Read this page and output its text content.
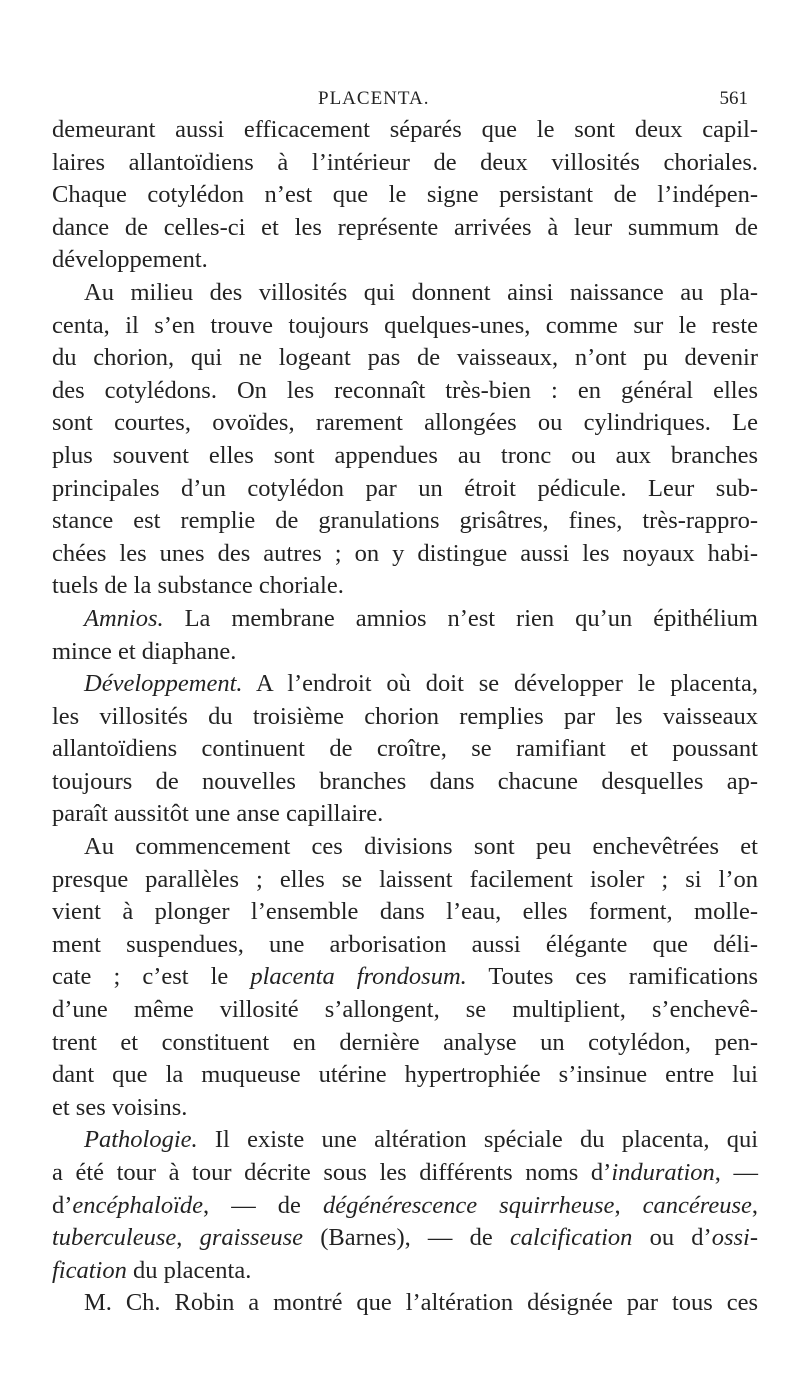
PLACENTA.	561
demeurant aussi efficacement séparés que le sont deux capil-
laires allantoïdiens à l’intérieur de deux villosités choriales.
Chaque cotylédon n’est que le signe persistant de l’indépen-
dance de celles-ci et les représente arrivées à leur summum de
développement.
Au milieu des villosités qui donnent ainsi naissance au pla-
centa, il s’en trouve toujours quelques-unes, comme sur le reste
du chorion, qui ne logeant pas de vaisseaux, n’ont pu devenir
des cotylédons. On les reconnaît très-bien : en général elles
sont courtes, ovoïdes, rarement allongées ou cylindriques. Le
plus souvent elles sont appendues au tronc ou aux branches
principales d’un cotylédon par un étroit pédicule. Leur sub-
stance est remplie de granulations grisâtres, fines, très-rappro-
chées les unes des autres ; on y distingue aussi les noyaux habi-
tuels de la substance choriale.
Amnios. La membrane amnios n’est rien qu’un épithélium
mince et diaphane.
Développement. A l’endroit où doit se développer le placenta,
les villosités du troisième chorion remplies par les vaisseaux
allantoïdiens continuent de croître, se ramifiant et poussant
toujours de nouvelles branches dans chacune desquelles ap-
paraît aussitôt une anse capillaire.
Au commencement ces divisions sont peu enchevêtrées et
presque parallèles ; elles se laissent facilement isoler ; si l’on
vient à plonger l’ensemble dans l’eau, elles forment, molle-
ment suspendues, une arborisation aussi élégante que déli-
cate ; c’est le placenta frondosum. Toutes ces ramifications
d’une même villosité s’allongent, se multiplient, s’enchevê-
trent et constituent en dernière analyse un cotylédon, pen-
dant que la muqueuse utérine hypertrophiée s’insinue entre lui
et ses voisins.
Pathologie. Il existe une altération spéciale du placenta, qui
a été tour à tour décrite sous les différents noms d’induration, —
d’encéphaloïde, — de dégénérescence squirrheuse, cancéreuse,
tuberculeuse, graisseuse (Barnes), — de calcification ou d’ossi-
fication du placenta.
M. Ch. Robin a montré que l’altération désignée par tous ces
